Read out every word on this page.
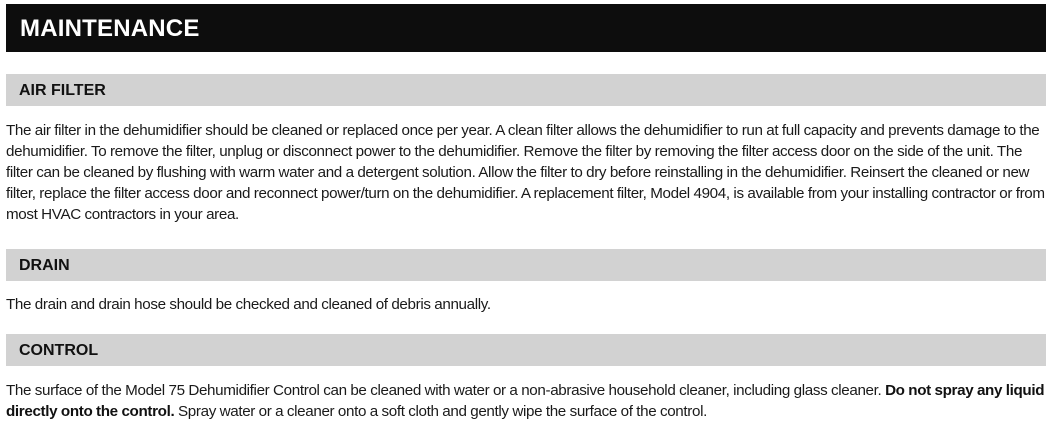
MAINTENANCE
AIR FILTER

The air filter in the dehumidifier should be cleaned or replaced once per year. A clean filter allows the dehumidifier to run at full capacity and prevents damage to the dehumidifier. To remove the filter, unplug or disconnect power to the dehumidifier. Remove the filter by removing the filter access door on the side of the unit. The filter can be cleaned by flushing with warm water and a detergent solution. Allow the filter to dry before reinstalling in the dehumidifier. Reinsert the cleaned or new filter, replace the filter access door and reconnect power/turn on the dehumidifier. A replacement filter, Model 4904, is available from your installing contractor or from most HVAC contractors in your area.

DRAIN

The drain and drain hose should be checked and cleaned of debris annually.

CONTROL

The surface of the Model 75 Dehumidifier Control can be cleaned with water or a non-abrasive household cleaner, including glass cleaner. Do not spray any liquid directly onto the control. Spray water or a cleaner onto a soft cloth and gently wipe the surface of the control.
